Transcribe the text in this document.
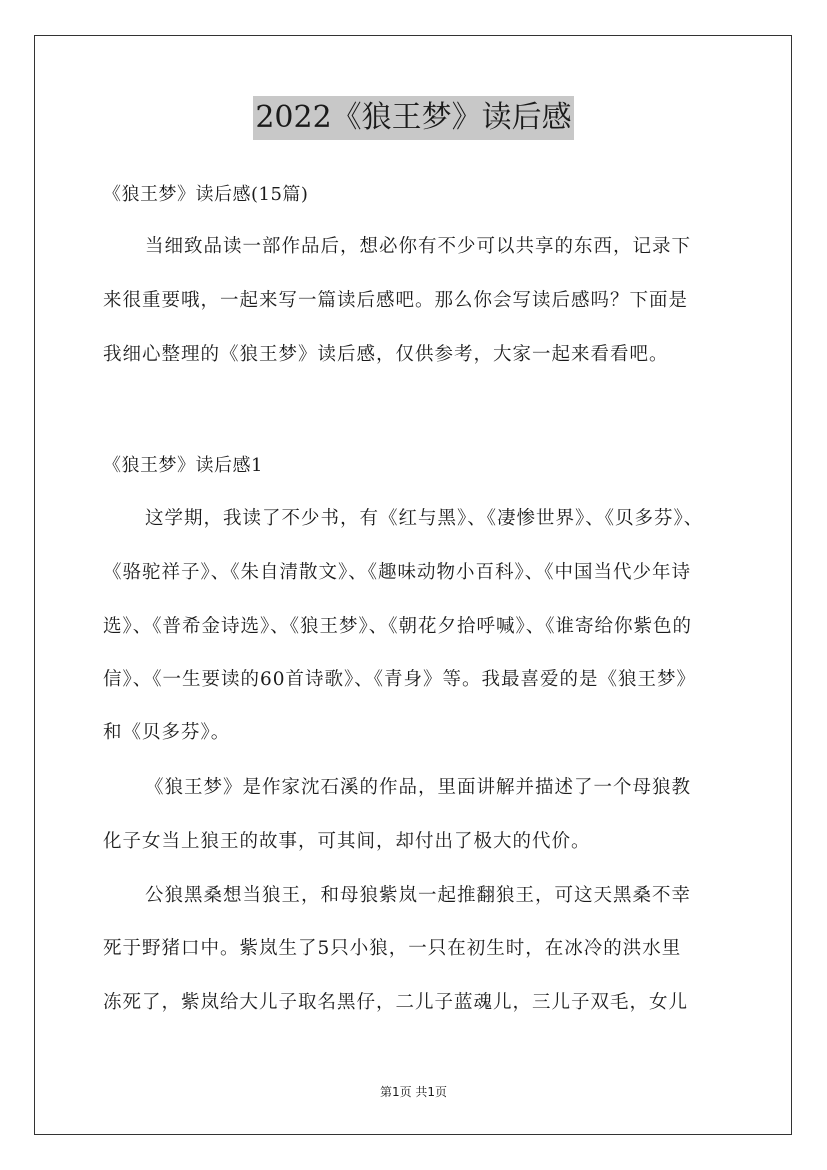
2022《狼王梦》读后感
《狼王梦》读后感(15篇)
当细致品读一部作品后，想必你有不少可以共享的东西，记录下
来很重要哦，一起来写一篇读后感吧。那么你会写读后感吗？下面是
我细心整理的《狼王梦》读后感，仅供参考，大家一起来看看吧。
《狼王梦》读后感1
这学期，我读了不少书，有《红与黑》、《凄惨世界》、《贝多芬》、
《骆驼祥子》、《朱自清散文》、《趣味动物小百科》、《中国当代少年诗
选》、《普希金诗选》、《狼王梦》、《朝花夕拾呼喊》、《谁寄给你紫色的
信》、《一生要读的60首诗歌》、《青身》等。我最喜爱的是《狼王梦》
和《贝多芬》。
《狼王梦》是作家沈石溪的作品，里面讲解并描述了一个母狼教
化子女当上狼王的故事，可其间，却付出了极大的代价。
公狼黑桑想当狼王，和母狼紫岚一起推翻狼王，可这天黑桑不幸
死于野猪口中。紫岚生了5只小狼，一只在初生时，在冰冷的洪水里
冻死了，紫岚给大儿子取名黑仔，二儿子蓝魂儿，三儿子双毛，女儿
第1页 共1页
